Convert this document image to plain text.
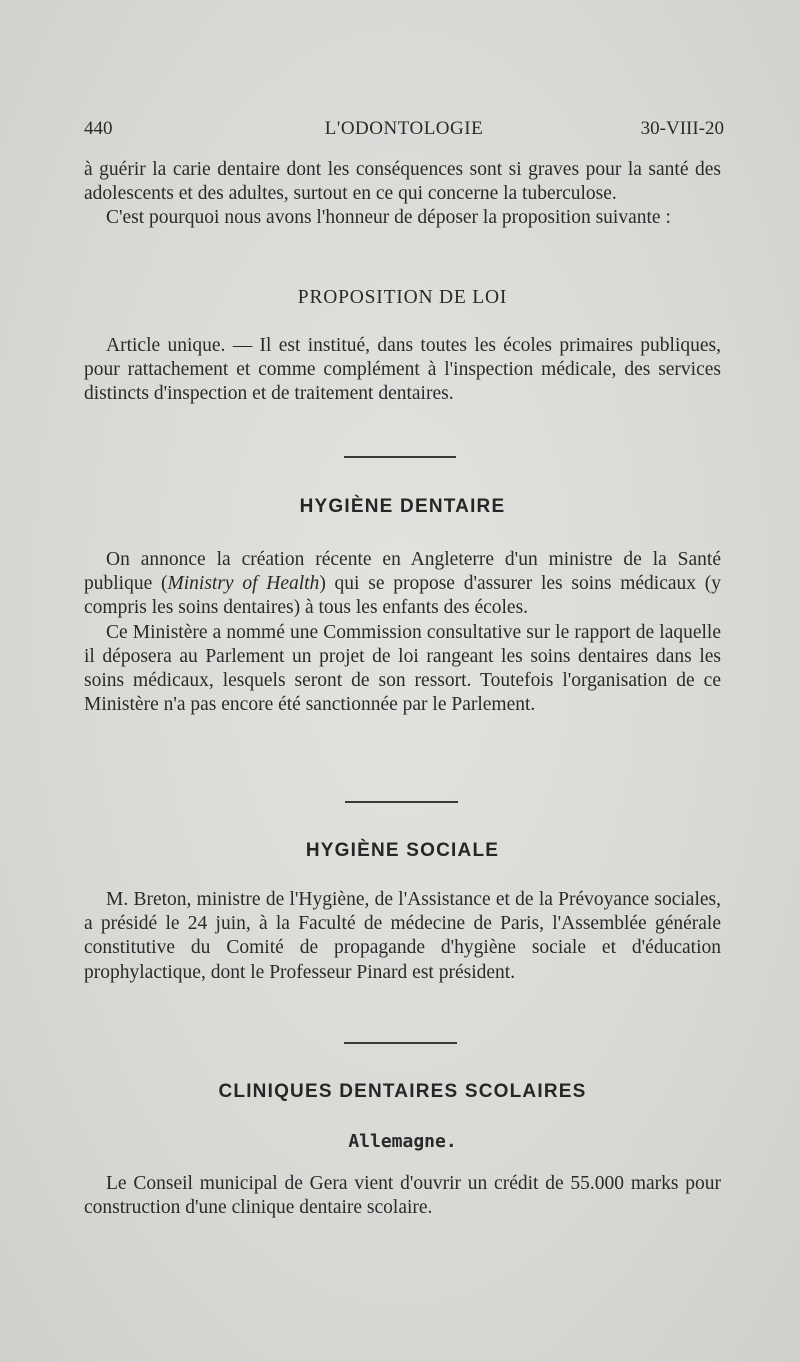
440	L'ODONTOLOGIE	30-VIII-20

à guérir la carie dentaire dont les conséquences sont si graves pour la santé des adolescents et des adultes, surtout en ce qui concerne la tuberculose.

C'est pourquoi nous avons l'honneur de déposer la proposition suivante :

PROPOSITION DE LOI

Article unique. — Il est institué, dans toutes les écoles primaires publiques, pour rattachement et comme complément à l'inspection médicale, des services distincts d'inspection et de traitement dentaires.

HYGIÈNE DENTAIRE

On annonce la création récente en Angleterre d'un ministre de la Santé publique (Ministry of Health) qui se propose d'assurer les soins médicaux (y compris les soins dentaires) à tous les enfants des écoles.

Ce Ministère a nommé une Commission consultative sur le rapport de laquelle il déposera au Parlement un projet de loi rangeant les soins dentaires dans les soins médicaux, lesquels seront de son ressort. Toutefois l'organisation de ce Ministère n'a pas encore été sanctionnée par le Parlement.

HYGIÈNE SOCIALE

M. Breton, ministre de l'Hygiène, de l'Assistance et de la Prévoyance sociales, a présidé le 24 juin, à la Faculté de médecine de Paris, l'Assemblée générale constitutive du Comité de propagande d'hygiène sociale et d'éducation prophylactique, dont le Professeur Pinard est président.

CLINIQUES DENTAIRES SCOLAIRES
Allemagne.

Le Conseil municipal de Gera vient d'ouvrir un crédit de 55.000 marks pour construction d'une clinique dentaire scolaire.
